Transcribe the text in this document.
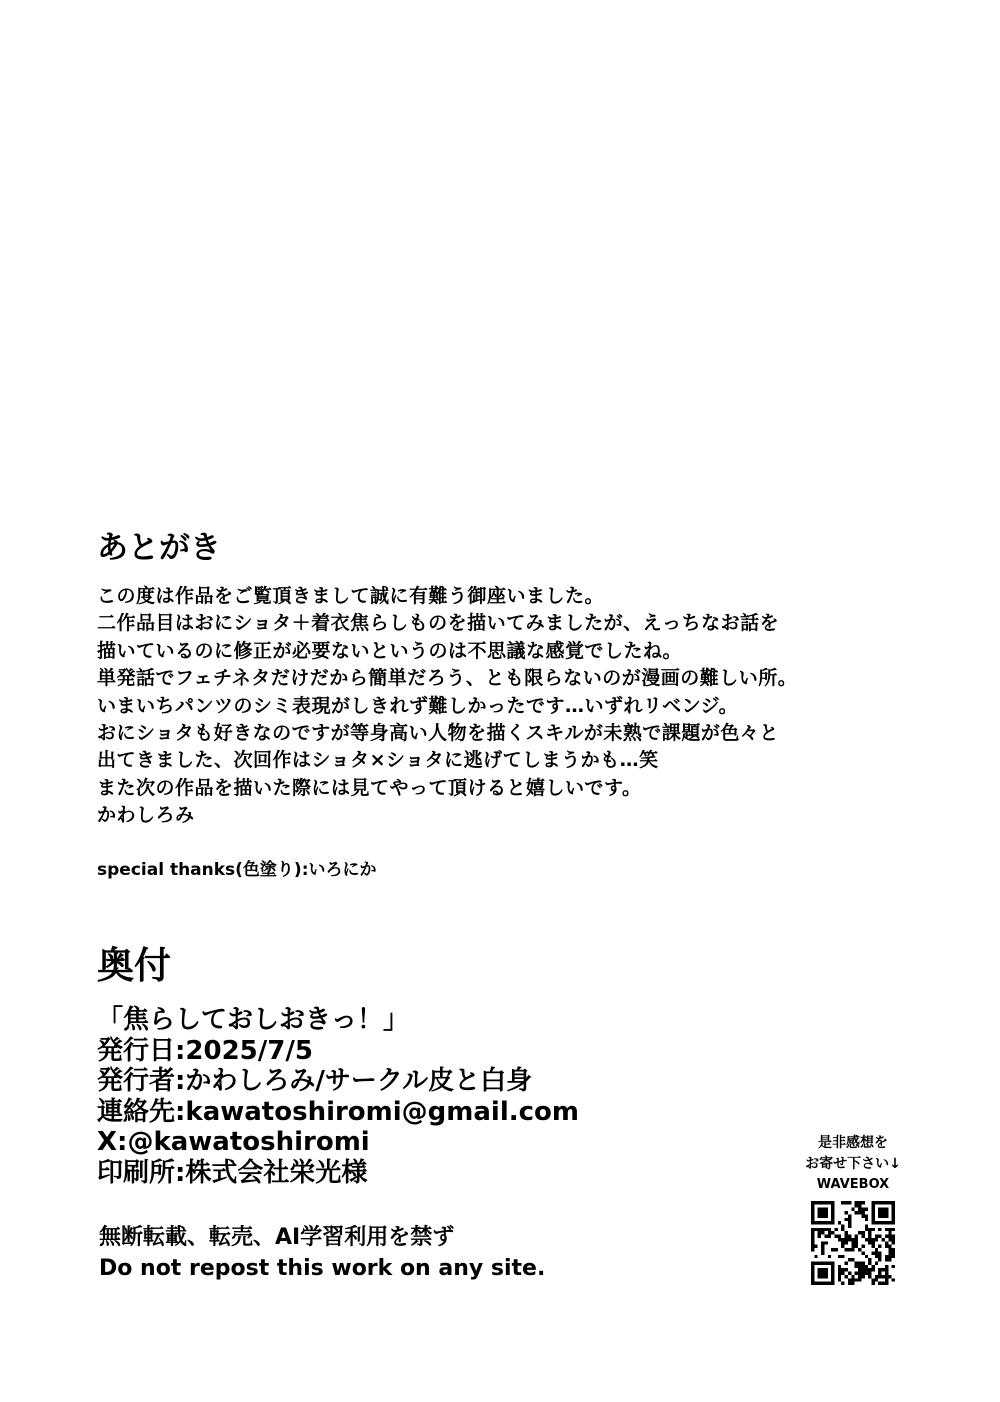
あとがき
この度は作品をご覧頂きまして誠に有難う御座いました。
二作品目はおにショタ＋着衣焦らしものを描いてみましたが、えっちなお話を
描いているのに修正が必要ないというのは不思議な感覚でしたね。
単発話でフェチネタだけだから簡単だろう、とも限らないのが漫画の難しい所。
いまいちパンツのシミ表現がしきれず難しかったです…いずれリベンジ。
おにショタも好きなのですが等身高い人物を描くスキルが未熟で課題が色々と
出てきました、次回作はショタ×ショタに逃げてしまうかも…笑
また次の作品を描いた際には見てやって頂けると嬉しいです。
かわしろみ

special thanks(色塗り):いろにか

奥付
「焦らしておしおきっ！」
発行日:2025/7/5
発行者:かわしろみ/サークル皮と白身
連絡先:kawatoshiromi@gmail.com
X:@kawatoshiromi
印刷所:株式会社栄光様
無断転載、転売、AI学習利用を禁ず
Do not repost this work on any site.
是非感想を
お寄せ下さい↓
WAVEBOX
